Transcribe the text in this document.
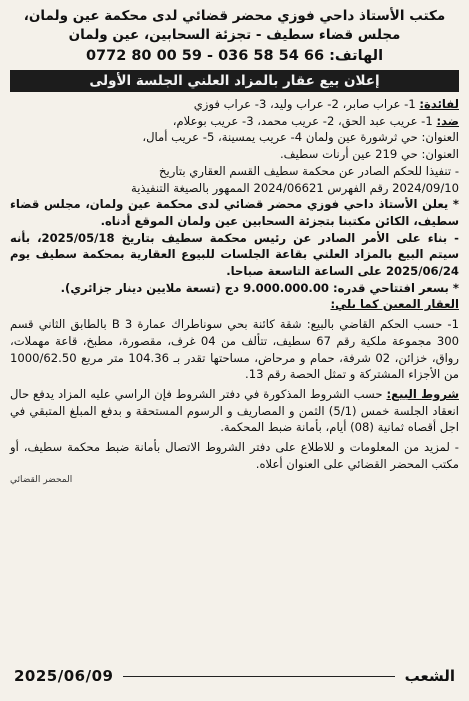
مكتب الأستاذ داحي فوزي محضر قضائي لدى محكمة عين ولمان،
مجلس قضاء سطيف - تجزئة السحابين، عين ولمان
الهاتف: 0772 80 00 59 - 036 58 54 66
إعلان بيع عقار بالمزاد العلني الجلسة الأولى

لفائدة: 1- عراب صابر، 2- عراب وليد، 3- عراب فوزي

ضد: 1- عريب عبد الحق، 2- عريب محمد، 3- عريب بوعلام،

العنوان: حي ثرشورة عين ولمان 4- عريب يمسينة، 5- عريب أمال،

العنوان: حي 219 عين أرنات سطيف.

- تنفيذا للحكم الصادر عن محكمة سطيف القسم العقاري بتاريخ

2024/09/10 رقم الفهرس 2024/06621 الممهور بالصيغة التنفيذية

* يعلن الأستاذ داحي فوزي محضر قضائي لدى محكمة عين ولمان، مجلس قضاء سطيف، الكائن مكتبنا بتجزئة السحابين عين ولمان الموقع أدناه.

- بناء على الأمر الصادر عن رئيس محكمة سطيف بتاريخ 2025/05/18، بأنه سيتم البيع بالمزاد العلني بقاعة الجلسات للبيوع العقارية بمحكمة سطيف يوم 2025/06/24 على الساعة التاسعة صباحا.

* بسعر افتتاحي قدره: 9.000.000.00 دج (تسعة ملايين دينار جزائري).

العقار المعين كما يلي:

1- حسب الحكم القاضي بالبيع: شقة كائنة بحي سوناطراك عمارة 3 B بالطابق الثاني قسم 300 مجموعة ملكية رقم 67 سطيف، تتألف من 04 غرف، مقصورة، مطبخ، قاعة مهملات، رواق، خزائن، 02 شرفة، حمام و مرحاض، مساحتها تقدر بـ 104.36 متر مربع 1000/62.50 من الأجزاء المشتركة و تمثل الحصة رقم 13.

شروط البيع: حسب الشروط المذكورة في دفتر الشروط فإن الراسي عليه المزاد يدفع حال انعقاد الجلسة خمس (5/1) الثمن و المصاريف و الرسوم المستحقة و بدفع المبلغ المتبقي في اجل أقصاه ثمانية (08) أيام، بأمانة ضبط المحكمة.

- لمزيد من المعلومات و للاطلاع على دفتر الشروط الاتصال بأمانة ضبط محكمة سطيف، أو مكتب المحضر القضائي على العنوان أعلاه.

المحضر القضائي
الشعب
2025/06/09
